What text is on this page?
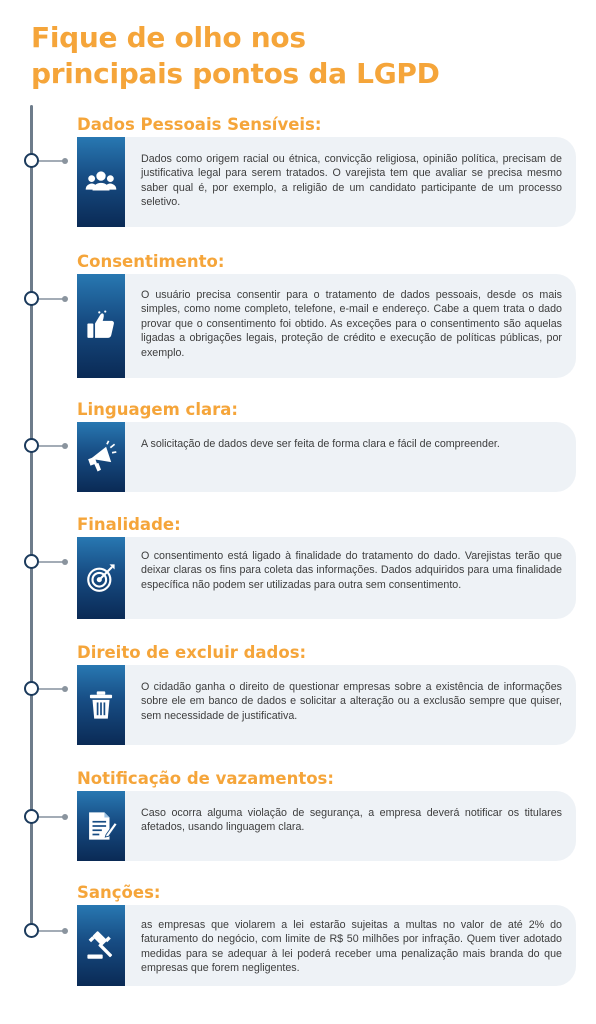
Fique de olho nos
principais pontos da LGPD
Dados Pessoais Sensíveis:

Dados como origem racial ou étnica, convicção religiosa, opinião política, precisam de justificativa legal para serem tratados. O varejista tem que avaliar se precisa mesmo saber qual é, por exemplo, a religião de um candidato participante de um processo seletivo.

Consentimento:

O usuário precisa consentir para o tratamento de dados pessoais, desde os mais simples, como nome completo, telefone, e-mail e endereço. Cabe a quem trata o dado provar que o consentimento foi obtido. As exceções para o consentimento são aquelas ligadas a obrigações legais, proteção de crédito e execução de políticas públicas, por exemplo.

Linguagem clara:

A solicitação de dados deve ser feita de forma clara e fácil de compreender.

Finalidade:

O consentimento está ligado à finalidade do tratamento do dado. Varejistas terão que deixar claras os fins para coleta das informações. Dados adquiridos para uma finalidade específica não podem ser utilizadas para outra sem consentimento.

Direito de excluir dados:

O cidadão ganha o direito de questionar empresas sobre a existência de informações sobre ele em banco de dados e solicitar a alteração ou a exclusão sempre que quiser, sem necessidade de justificativa.

Notificação de vazamentos:

Caso ocorra alguma violação de segurança, a empresa deverá notificar os titulares afetados, usando linguagem clara.

Sanções:

as empresas que violarem a lei estarão sujeitas a multas no valor de até 2% do faturamento do negócio, com limite de R$ 50 milhões por infração. Quem tiver adotado medidas para se adequar à lei poderá receber uma penalização mais branda do que empresas que forem negligentes.
